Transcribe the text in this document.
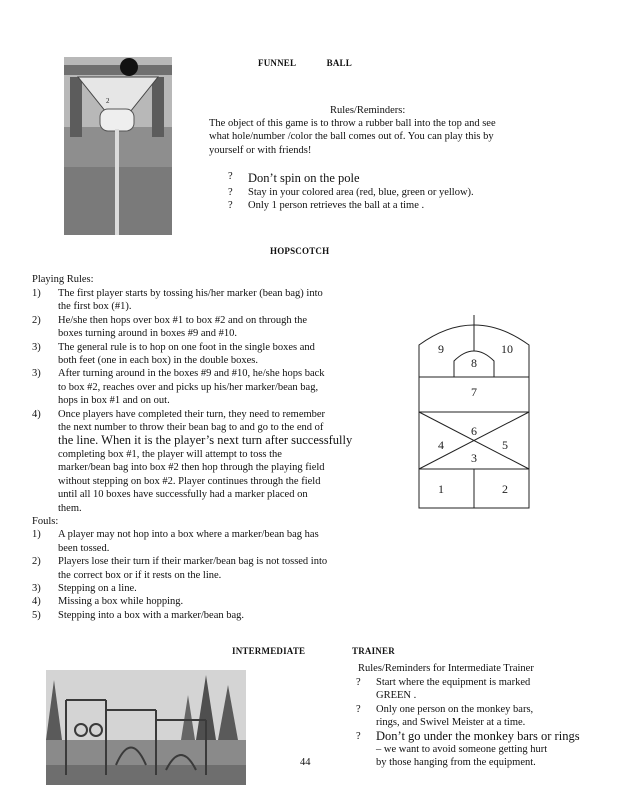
2
FUNNEL	BALL
Rules/Reminders:
The object of this game is to throw a rubber ball into the top and see
what hole/number /color the ball comes out of. You can play this by
yourself or with friends!
?	Don’t spin on the pole
?	Stay in your colored area (red, blue, green or yellow).
?	Only 1 person retrieves the ball at a time .
HOPSCOTCH
Playing Rules:
1)	The first player starts by tossing his/her marker (bean bag) into
the first box (#1).
2)	He/she then hops over box #1 to box #2 and on through the
boxes turning around in boxes #9 and #10.
3)	The general rule is to hop on one foot in the single boxes and
both feet (one in each box) in the double boxes.
3)	After turning around in the boxes #9 and #10, he/she hops back
to box #2, reaches over and picks up his/her marker/bean bag,
hops in box #1 and on out.
4)	Once players have completed their turn, they need to remember
the next number to throw their bean bag to and go to the end of
the line. When it is the player’s next turn after successfully
completing box #1, the player will attempt to toss the
marker/bean bag into box #2 then hop through the playing field
without stepping on box #2. Player continues through the field
until all 10 boxes have successfully had a marker placed on
them.
Fouls:
1)	A player may not hop into a box where a marker/bean bag has
been tossed.
2)	Players lose their turn if their marker/bean bag is not tossed into
the correct box or if it rests on the line.
3)	Stepping on a line.
4)	Missing a box while hopping.
5)	Stepping into a box with a marker/bean bag.
9	10
8
7
6
4	5
3
1	2
INTERMEDIATE	TRAINER
Rules/Reminders for Intermediate Trainer
?	Start where the equipment is marked
GREEN .
?	Only one person on the monkey bars,
rings, and Swivel Meister at a time.
?	Don’t go under the monkey bars or rings
– we want to avoid someone getting hurt
by those hanging from the equipment.
44
